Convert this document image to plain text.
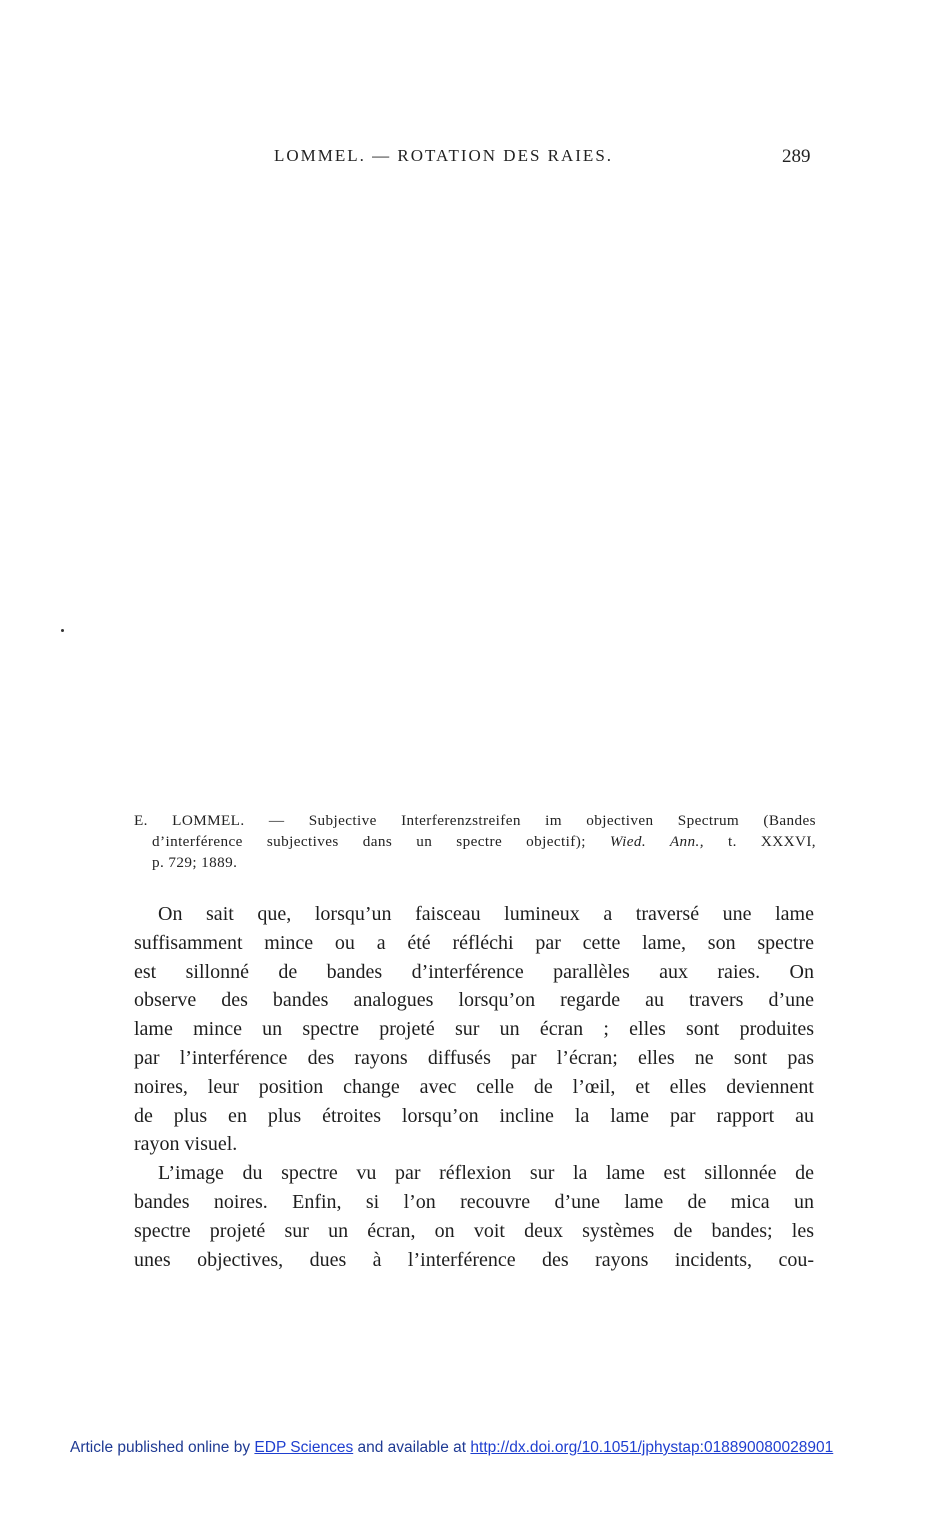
LOMMEL. — ROTATION DES RAIES.	289
E. LOMMEL. — Subjective Interferenzstreifen im objectiven Spectrum (Bandes
d’interférence subjectives dans un spectre objectif); Wied. Ann., t. XXXVI,
p. 729; 1889.
On sait que, lorsqu’un faisceau lumineux a traversé une lame
suffisamment mince ou a été réfléchi par cette lame, son spectre
est sillonné de bandes d’interférence parallèles aux raies. On
observe des bandes analogues lorsqu’on regarde au travers d’une
lame mince un spectre projeté sur un écran ; elles sont produites
par l’interférence des rayons diffusés par l’écran; elles ne sont pas
noires, leur position change avec celle de l’œil, et elles deviennent
de plus en plus étroites lorsqu’on incline la lame par rapport au
rayon visuel.
L’image du spectre vu par réflexion sur la lame est sillonnée de
bandes noires. Enfin, si l’on recouvre d’une lame de mica un
spectre projeté sur un écran, on voit deux systèmes de bandes; les
unes objectives, dues à l’interférence des rayons incidents, cou-
Article published online by EDP Sciences and available at http://dx.doi.org/10.1051/jphystap:018890080028901
